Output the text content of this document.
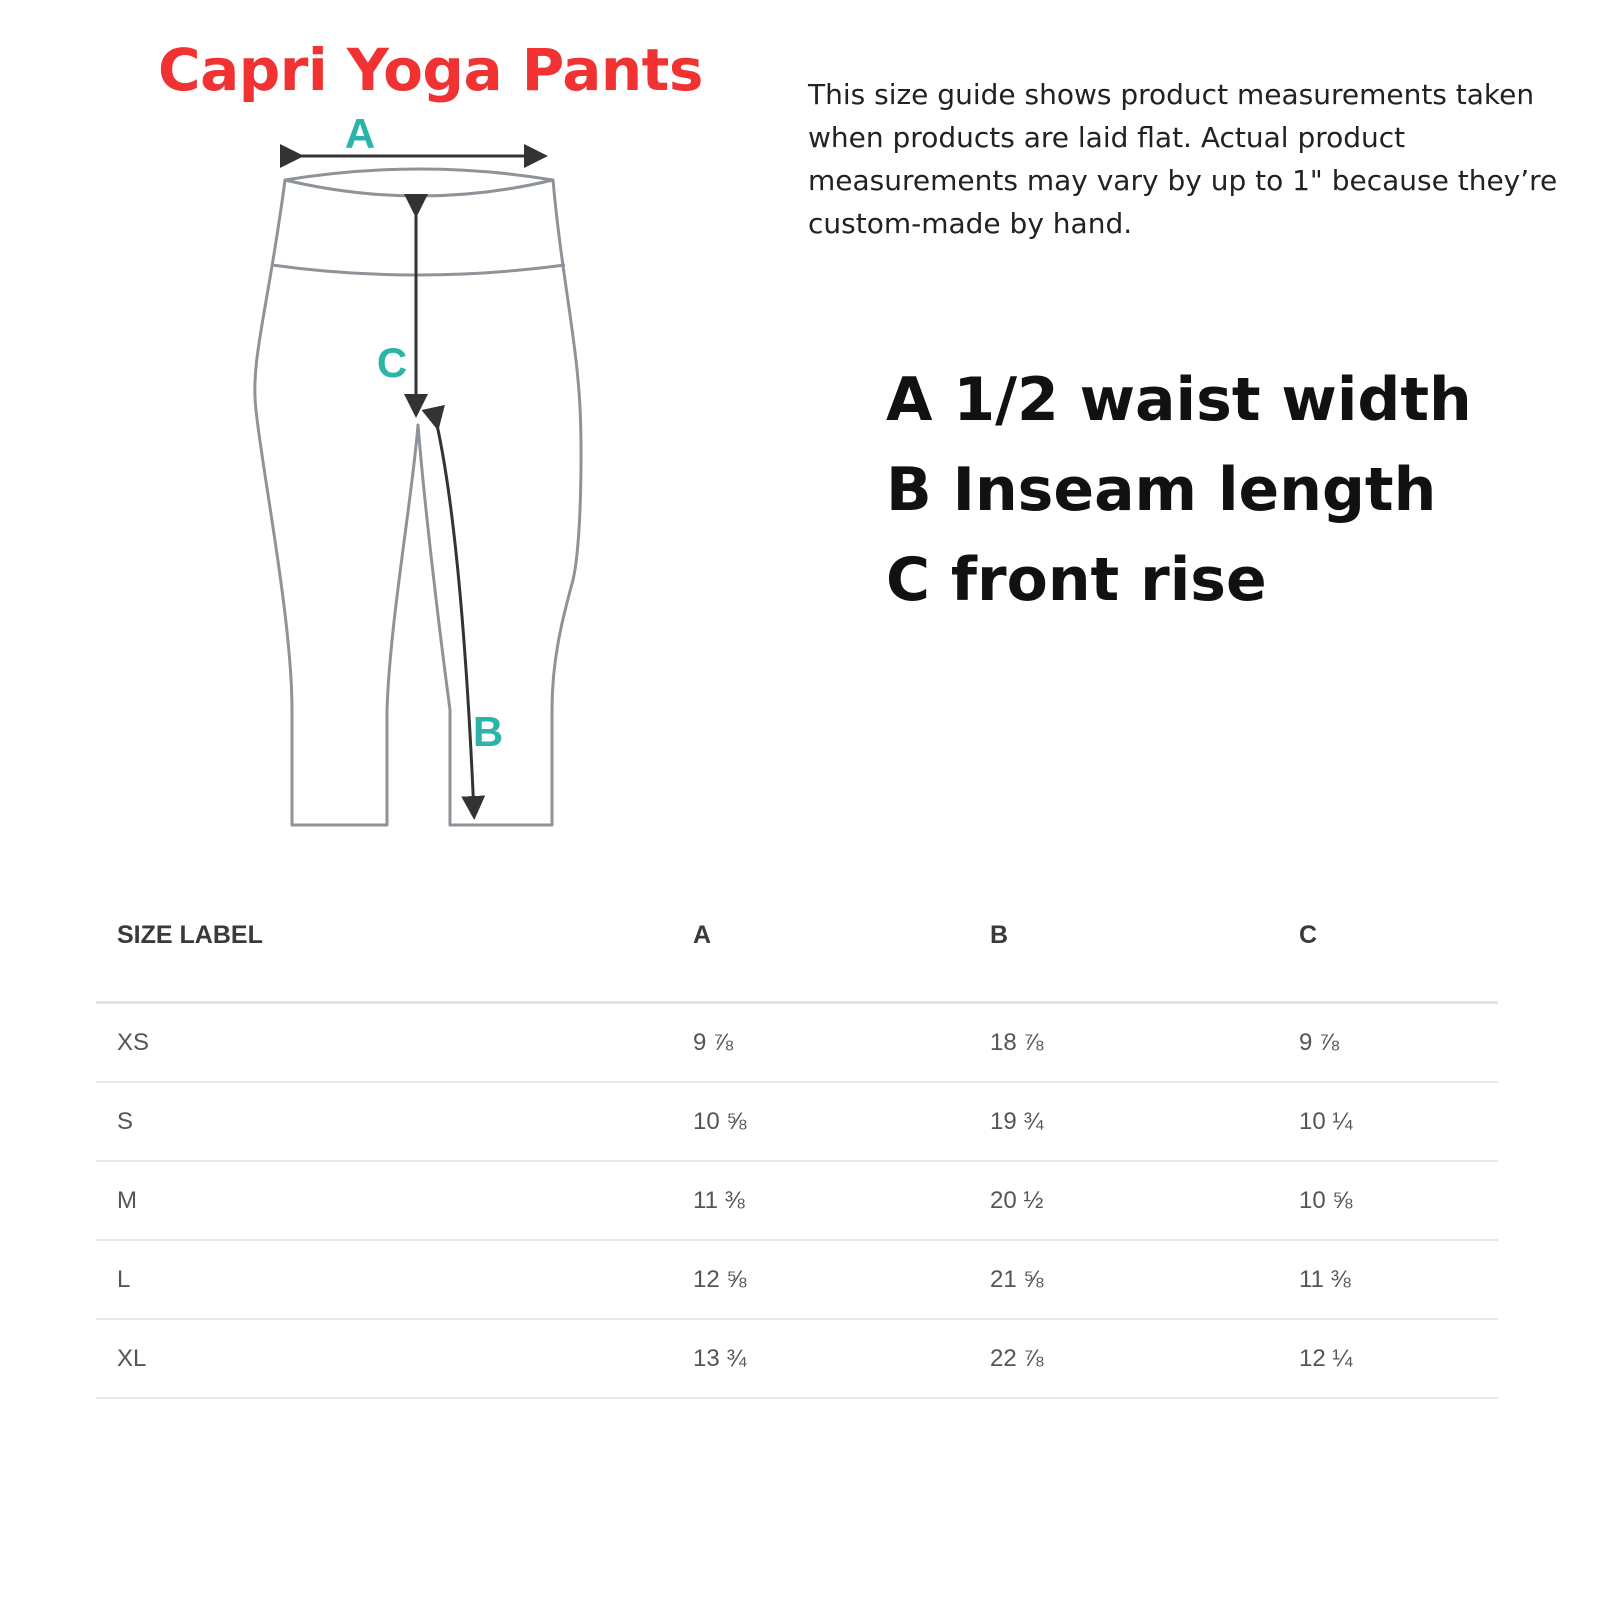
Capri Yoga Pants
A
C
B

This size guide shows product measurements taken when products are laid flat. Actual product measurements may vary by up to 1" because they’re custom-made by hand.

A 1/2 waist width
B Inseam length
C front rise
SIZE LABEL	A	B	C
XS	9 ⅞	18 ⅞	9 ⅞
S	10 ⅝	19 ¾	10 ¼
M	11 ⅜	20 ½	10 ⅝
L	12 ⅝	21 ⅝	11 ⅜
XL	13 ¾	22 ⅞	12 ¼
